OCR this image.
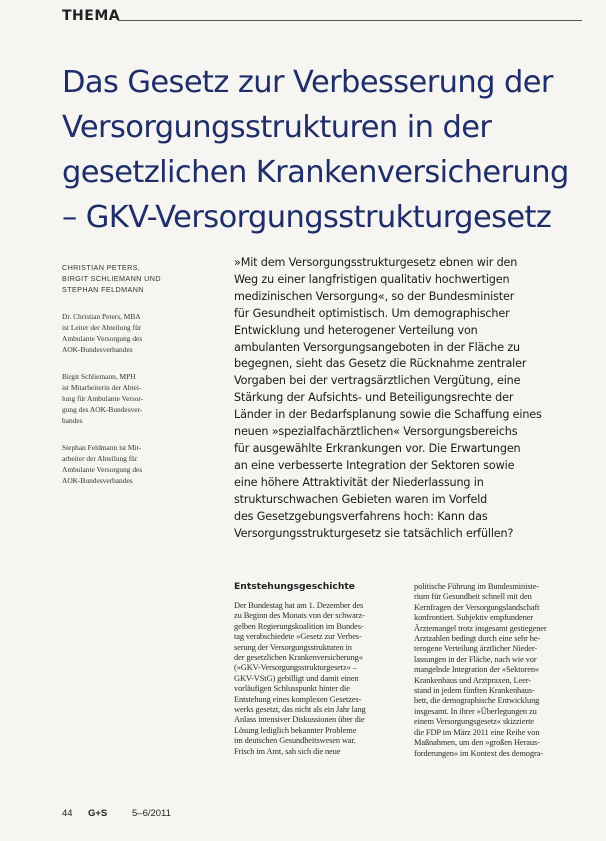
THEMA
Das Gesetz zur Verbesserung der
Versorgungsstrukturen in der
gesetzlichen Krankenversicherung
– GKV-Versorgungsstrukturgesetz
CHRISTIAN PETERS,
BIRGIT SCHLIEMANN UND
STEPHAN FELDMANN
Dr. Christian Peters, MBA
ist Leiter der Abteilung für
Ambulante Versorgung des
AOK-Bundesverbandes
Birgit Schliemann, MPH
ist Mitarbeiterin der Abtei-
lung für Ambulante Versor-
gung des AOK-Bundesver-
bandes
Stephan Feldmann ist Mit-
arbeiter der Abteilung für
Ambulante Versorgung des
AOK-Bundesverbandes
»Mit dem Versorgungsstrukturgesetz ebnen wir den
Weg zu einer langfristigen qualitativ hochwertigen
medizinischen Versorgung«, so der Bundesminister
für Gesundheit optimistisch. Um demographischer
Entwicklung und heterogener Verteilung von
ambulanten Versorgungsangeboten in der Fläche zu
begegnen, sieht das Gesetz die Rücknahme zentraler
Vorgaben bei der vertragsärztlichen Vergütung, eine
Stärkung der Aufsichts- und Beteiligungsrechte der
Länder in der Bedarfsplanung sowie die Schaffung eines
neuen »spezialfachärztlichen« Versorgungsbereichs
für ausgewählte Erkrankungen vor. Die Erwartungen
an eine verbesserte Integration der Sektoren sowie
eine höhere Attraktivität der Niederlassung in
strukturschwachen Gebieten waren im Vorfeld
des Gesetzgebungsverfahrens hoch: Kann das
Versorgungsstrukturgesetz sie tatsächlich erfüllen?
Entstehungsgeschichte
Der Bundestag hat am 1. Dezember des
zu Beginn des Monats von der schwarz-
gelben Regierungskoalition im Bundes-
tag verabschiedete »Gesetz zur Verbes-
serung der Versorgungsstrukturen in
der gesetzlichen Krankenversicherung«
(»GKV-Versorgungsstrukturgesetz« –
GKV-VStG) gebilligt und damit einen
vorläufigen Schlusspunkt hinter die
Entstehung eines komplexen Gesetzes-
werks gesetzt, das nicht als ein Jahr lang
Anlass intensiver Diskussionen über die
Lösung lediglich bekannter Probleme
im deutschen Gesundheitswesen war.
Frisch im Amt, sah sich die neue
politische Führung im Bundesministe-
rium für Gesundheit schnell mit den
Kernfragen der Versorgungslandschaft
konfrontiert. Subjektiv empfundener
Ärztemangel trotz insgesamt gestiegener
Arztzahlen bedingt durch eine sehr he-
terogene Verteilung ärztlicher Nieder-
lassungen in der Fläche, nach wie vor
mangelnde Integration der »Sektoren«
Krankenhaus und Arztpraxen, Leer-
stand in jedem fünften Krankenhaus-
bett, die demographische Entwicklung
insgesamt. In ihrer »Überlegungen zu
einem Versorgungsgesetz« skizzierte
die FDP im März 2011 eine Reihe von
Maßnahmen, um den »großen Heraus-
forderungen« im Kontext des demogra-
44 G+S	5–6/2011
